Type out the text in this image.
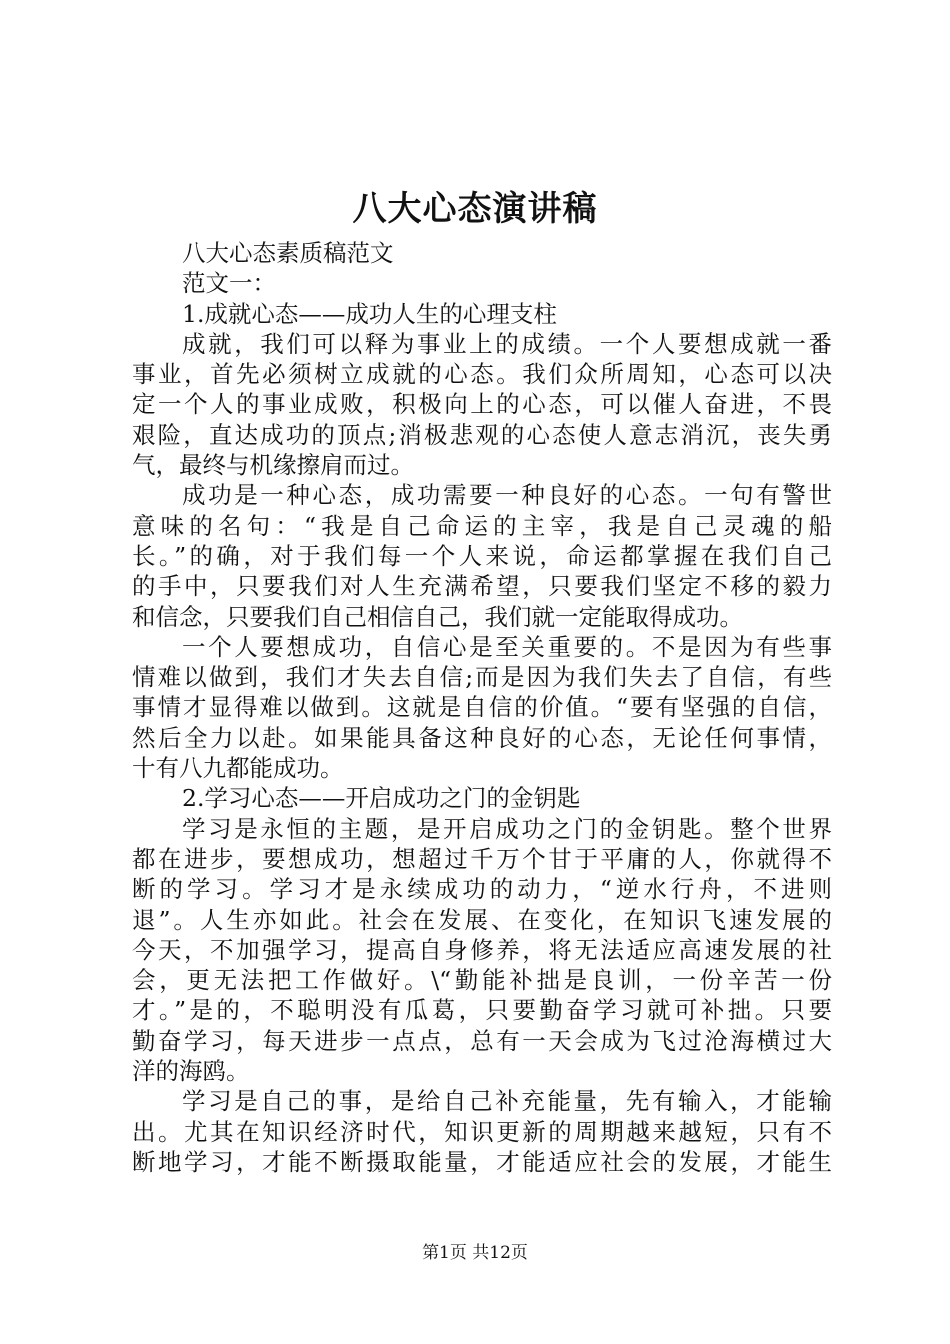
八大心态演讲稿
八大心态素质稿范文
范文一：
1.成就心态——成功人生的心理支柱
成就，我们可以释为事业上的成绩。一个人要想成就一番
事业，首先必须树立成就的心态。我们众所周知，心态可以决
定一个人的事业成败，积极向上的心态，可以催人奋进，不畏
艰险，直达成功的顶点;消极悲观的心态使人意志消沉，丧失勇
气，最终与机缘擦肩而过。
成功是一种心态，成功需要一种良好的心态。一句有警世
意味的名句：“我是自己命运的主宰，我是自己灵魂的船
长。”的确，对于我们每一个人来说，命运都掌握在我们自己
的手中，只要我们对人生充满希望，只要我们坚定不移的毅力
和信念，只要我们自己相信自己，我们就一定能取得成功。
一个人要想成功，自信心是至关重要的。不是因为有些事
情难以做到，我们才失去自信;而是因为我们失去了自信，有些
事情才显得难以做到。这就是自信的价值。“要有坚强的自信，
然后全力以赴。如果能具备这种良好的心态，无论任何事情，
十有八九都能成功。
2.学习心态——开启成功之门的金钥匙
学习是永恒的主题，是开启成功之门的金钥匙。整个世界
都在进步，要想成功，想超过千万个甘于平庸的人，你就得不
断的学习。学习才是永续成功的动力，“逆水行舟，不进则
退”。人生亦如此。社会在发展、在变化，在知识飞速发展的
今天，不加强学习，提高自身修养，将无法适应高速发展的社
会，更无法把工作做好。\“勤能补拙是良训，一份辛苦一份
才。”是的，不聪明没有瓜葛，只要勤奋学习就可补拙。只要
勤奋学习，每天进步一点点，总有一天会成为飞过沧海横过大
洋的海鸥。
学习是自己的事，是给自己补充能量，先有输入，才能输
出。尤其在知识经济时代，知识更新的周期越来越短，只有不
断地学习，才能不断摄取能量，才能适应社会的发展，才能生
第1页 共12页
